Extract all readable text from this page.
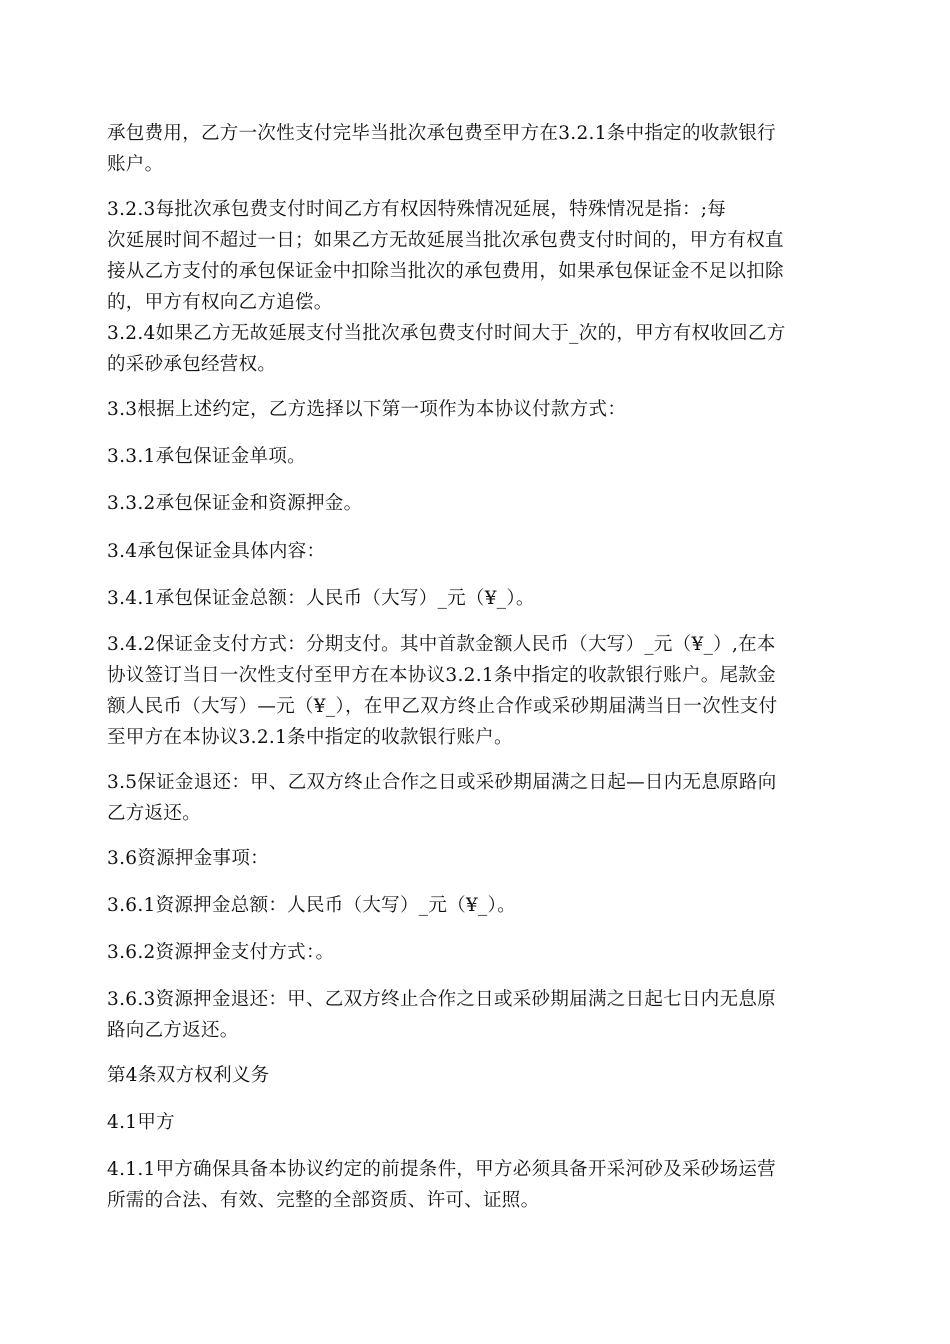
承包费用，乙方一次性支付完毕当批次承包费至甲方在3.2.1条中指定的收款银行
账户。
3.2.3每批次承包费支付时间乙方有权因特殊情况延展，特殊情况是指：;每
次延展时间不超过一日；如果乙方无故延展当批次承包费支付时间的，甲方有权直
接从乙方支付的承包保证金中扣除当批次的承包费用，如果承包保证金不足以扣除
的，甲方有权向乙方追偿。
3.2.4如果乙方无故延展支付当批次承包费支付时间大于_次的，甲方有权收回乙方
的采砂承包经营权。
3.3根据上述约定，乙方选择以下第一项作为本协议付款方式：
3.3.1承包保证金单项。
3.3.2承包保证金和资源押金。
3.4承包保证金具体内容：
3.4.1承包保证金总额：人民币（大写）_元（¥_）。
3.4.2保证金支付方式：分期支付。其中首款金额人民币（大写）_元（¥_）,在本
协议签订当日一次性支付至甲方在本协议3.2.1条中指定的收款银行账户。尾款金
额人民币（大写）—元（¥_），在甲乙双方终止合作或采砂期届满当日一次性支付
至甲方在本协议3.2.1条中指定的收款银行账户。
3.5保证金退还：甲、乙双方终止合作之日或采砂期届满之日起—日内无息原路向
乙方返还。
3.6资源押金事项：
3.6.1资源押金总额：人民币（大写）_元（¥_）。
3.6.2资源押金支付方式：。
3.6.3资源押金退还：甲、乙双方终止合作之日或采砂期届满之日起七日内无息原
路向乙方返还。
第4条双方权利义务
4.1甲方
4.1.1甲方确保具备本协议约定的前提条件，甲方必须具备开采河砂及采砂场运营
所需的合法、有效、完整的全部资质、许可、证照。
